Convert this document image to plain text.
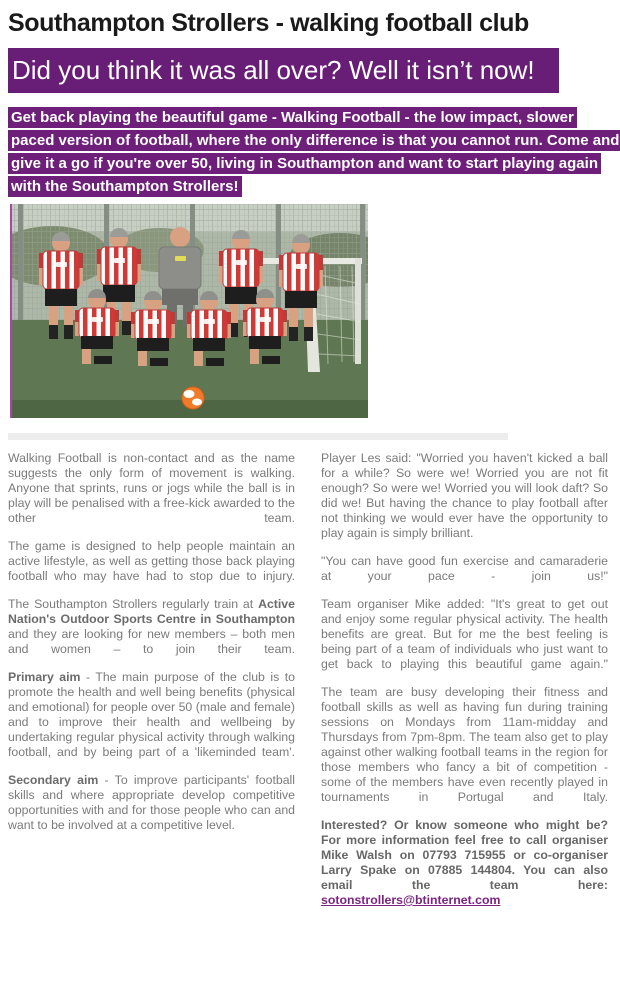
Southampton Strollers - walking football club
Did you think it was all over? Well it isn’t now!
Get back playing the beautiful game - Walking Football - the low impact, slower paced version of football, where the only difference is that you cannot run. Come and give it a go if you're over 50, living in Southampton and want to start playing again with the Southampton Strollers!

Walking Football is non-contact and as the name suggests the only form of movement is walking. Anyone that sprints, runs or jogs while the ball is in play will be penalised with a free-kick awarded to the other team.

The game is designed to help people maintain an active lifestyle, as well as getting those back playing football who may have had to stop due to injury.

The Southampton Strollers regularly train at Active Nation's Outdoor Sports Centre in Southampton and they are looking for new members – both men and women – to join their team.

Primary aim - The main purpose of the club is to promote the health and well being benefits (physical and emotional) for people over 50 (male and female) and to improve their health and wellbeing by undertaking regular physical activity through walking football, and by being part of a 'likeminded team'.

Secondary aim - To improve participants' football skills and where appropriate develop competitive opportunities with and for those people who can and want to be involved at a competitive level.

Player Les said: "Worried you haven't kicked a ball for a while? So were we! Worried you are not fit enough? So were we! Worried you will look daft? So did we! But having the chance to play football after not thinking we would ever have the opportunity to play again is simply brilliant.

"You can have good fun exercise and camaraderie at your pace - join us!"

Team organiser Mike added: "It's great to get out and enjoy some regular physical activity. The health benefits are great. But for me the best feeling is being part of a team of individuals who just want to get back to playing this beautiful game again."

The team are busy developing their fitness and football skills as well as having fun during training sessions on Mondays from 11am-midday and Thursdays from 7pm-8pm. The team also get to play against other walking football teams in the region for those members who fancy a bit of competition - some of the members have even recently played in tournaments in Portugal and Italy.

Interested? Or know someone who might be? For more information feel free to call organiser Mike Walsh on 07793 715955 or co-organiser Larry Spake on 07885 144804. You can also email the team here: sotonstrollers@btinternet.com
